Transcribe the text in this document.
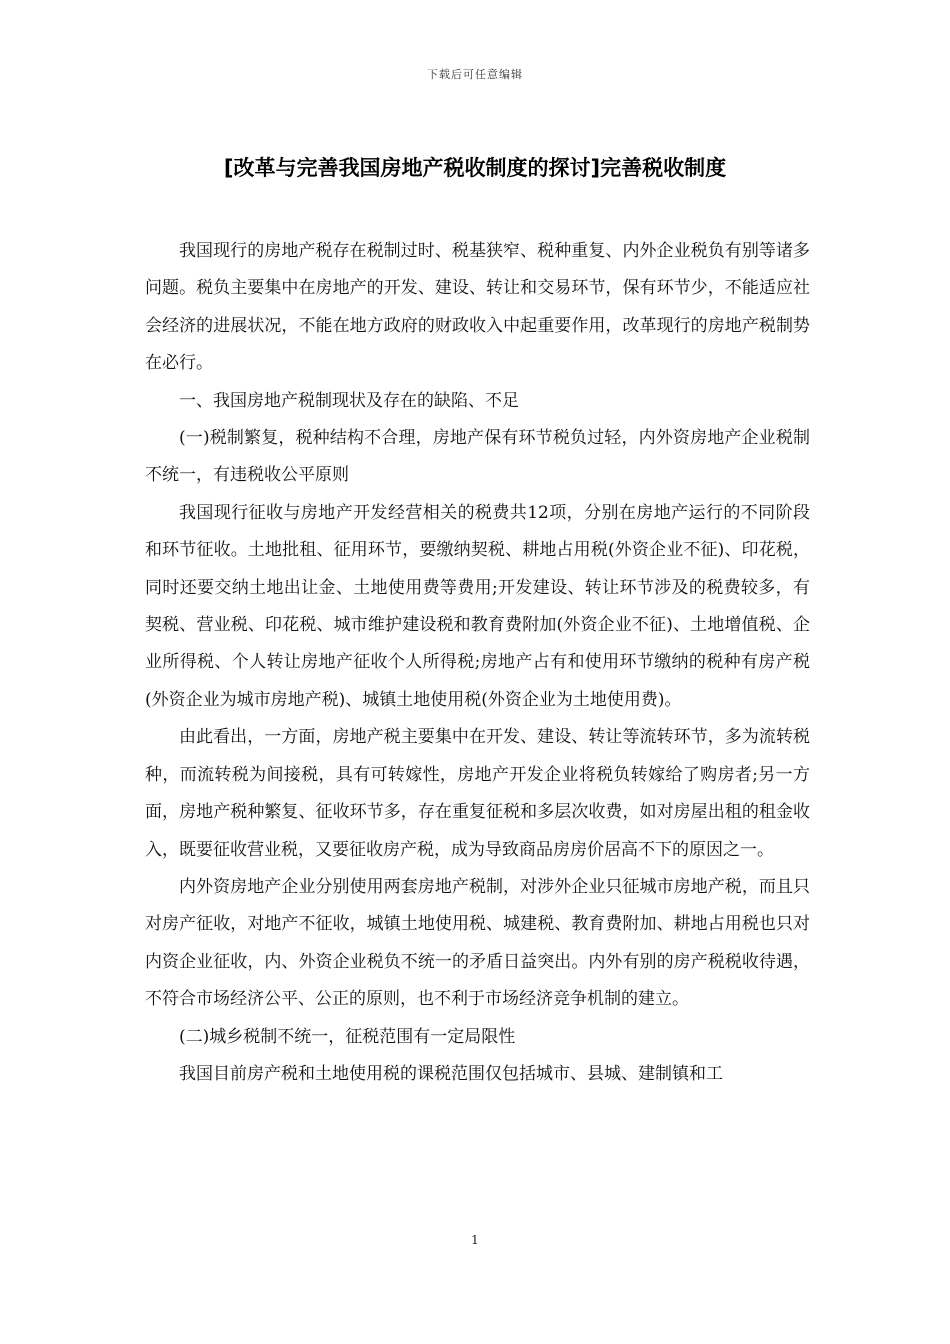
下载后可任意编辑
[改革与完善我国房地产税收制度的探讨]完善税收制度

我国现行的房地产税存在税制过时、税基狭窄、税种重复、内外企业税负有别等诸多问题。税负主要集中在房地产的开发、建设、转让和交易环节，保有环节少，不能适应社会经济的进展状况，不能在地方政府的财政收入中起重要作用，改革现行的房地产税制势在必行。

一、我国房地产税制现状及存在的缺陷、不足

(一)税制繁复，税种结构不合理，房地产保有环节税负过轻，内外资房地产企业税制不统一，有违税收公平原则

我国现行征收与房地产开发经营相关的税费共12项，分别在房地产运行的不同阶段和环节征收。土地批租、征用环节，要缴纳契税、耕地占用税(外资企业不征)、印花税，同时还要交纳土地出让金、土地使用费等费用;开发建设、转让环节涉及的税费较多，有契税、营业税、印花税、城市维护建设税和教育费附加(外资企业不征)、土地增值税、企业所得税、个人转让房地产征收个人所得税;房地产占有和使用环节缴纳的税种有房产税(外资企业为城市房地产税)、城镇土地使用税(外资企业为土地使用费)。

由此看出，一方面，房地产税主要集中在开发、建设、转让等流转环节，多为流转税种，而流转税为间接税，具有可转嫁性，房地产开发企业将税负转嫁给了购房者;另一方面，房地产税种繁复、征收环节多，存在重复征税和多层次收费，如对房屋出租的租金收入，既要征收营业税，又要征收房产税，成为导致商品房房价居高不下的原因之一。

内外资房地产企业分别使用两套房地产税制，对涉外企业只征城市房地产税，而且只对房产征收，对地产不征收，城镇土地使用税、城建税、教育费附加、耕地占用税也只对内资企业征收，内、外资企业税负不统一的矛盾日益突出。内外有别的房产税税收待遇，不符合市场经济公平、公正的原则，也不利于市场经济竞争机制的建立。

(二)城乡税制不统一，征税范围有一定局限性

我国目前房产税和土地使用税的课税范围仅包括城市、县城、建制镇和工

1
